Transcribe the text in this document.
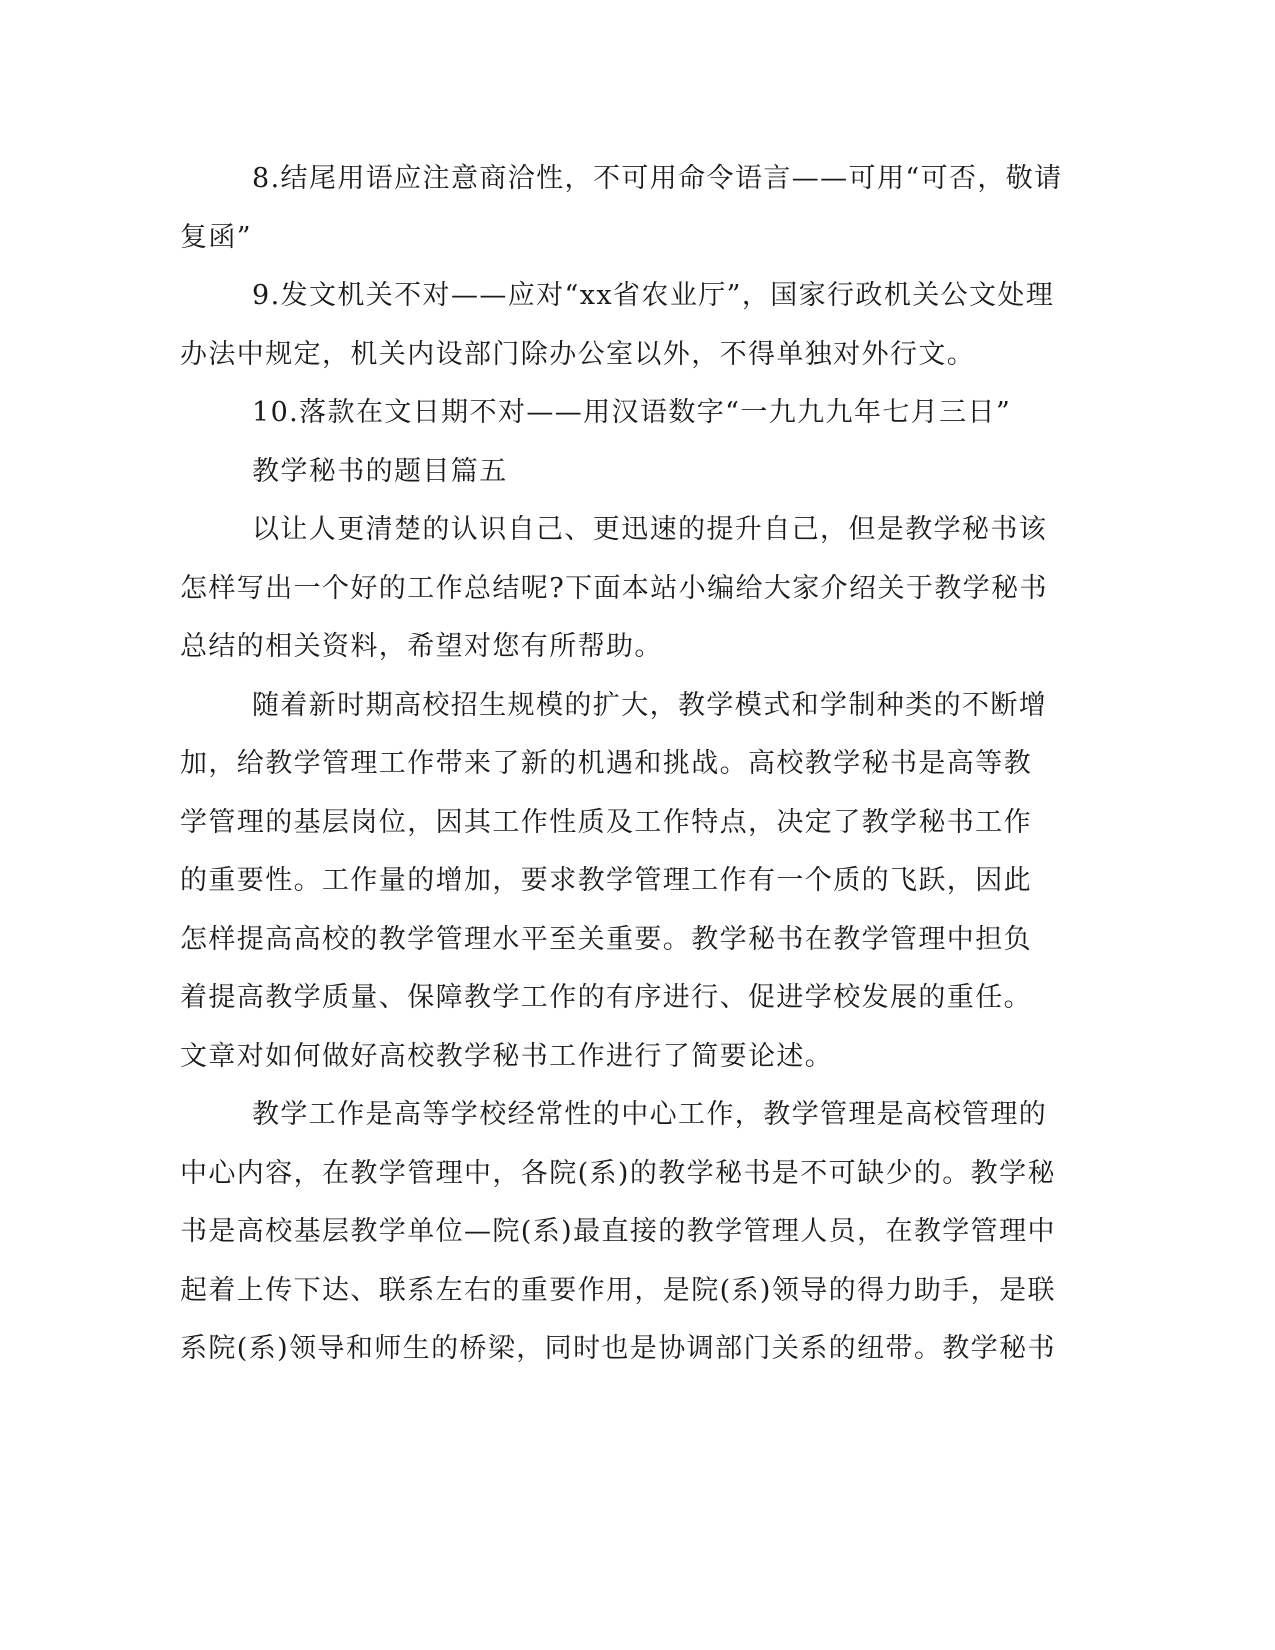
8.结尾用语应注意商洽性，不可用命令语言——可用“可否，敬请
复函”

9.发文机关不对——应对“xx省农业厅”，国家行政机关公文处理
办法中规定，机关内设部门除办公室以外，不得单独对外行文。

10.落款在文日期不对——用汉语数字“一九九九年七月三日”

教学秘书的题目篇五

以让人更清楚的认识自己、更迅速的提升自己，但是教学秘书该
怎样写出一个好的工作总结呢?下面本站小编给大家介绍关于教学秘书
总结的相关资料，希望对您有所帮助。

随着新时期高校招生规模的扩大，教学模式和学制种类的不断增
加，给教学管理工作带来了新的机遇和挑战。高校教学秘书是高等教
学管理的基层岗位，因其工作性质及工作特点，决定了教学秘书工作
的重要性。工作量的增加，要求教学管理工作有一个质的飞跃，因此
怎样提高高校的教学管理水平至关重要。教学秘书在教学管理中担负
着提高教学质量、保障教学工作的有序进行、促进学校发展的重任。
文章对如何做好高校教学秘书工作进行了简要论述。

教学工作是高等学校经常性的中心工作，教学管理是高校管理的
中心内容，在教学管理中，各院(系)的教学秘书是不可缺少的。教学秘
书是高校基层教学单位—院(系)最直接的教学管理人员，在教学管理中
起着上传下达、联系左右的重要作用，是院(系)领导的得力助手，是联
系院(系)领导和师生的桥梁，同时也是协调部门关系的纽带。教学秘书
